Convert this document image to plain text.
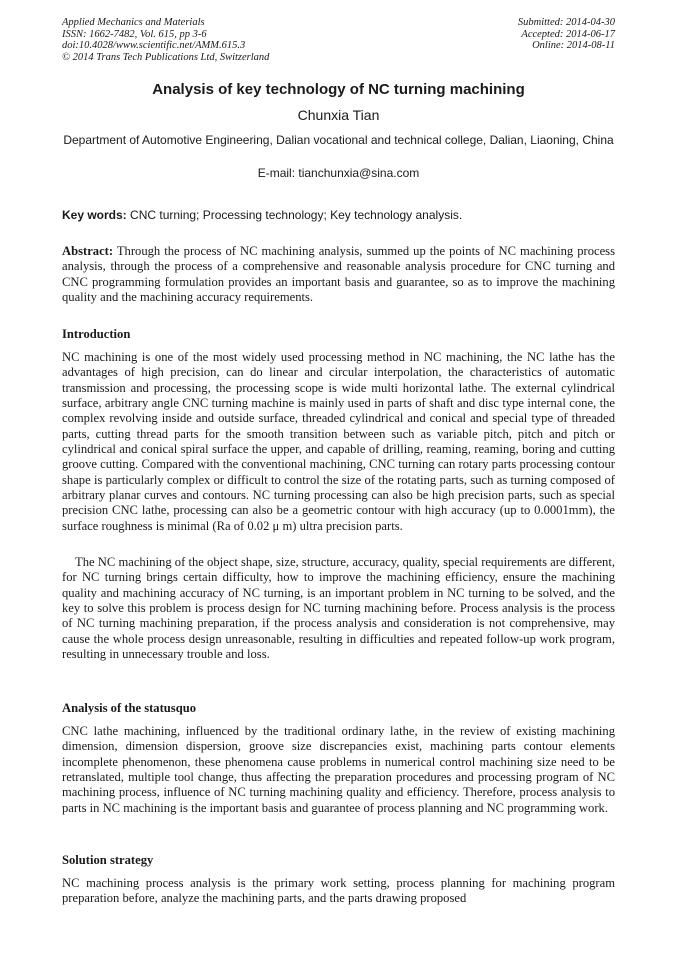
Applied Mechanics and Materials
ISSN: 1662-7482, Vol. 615, pp 3-6
doi:10.4028/www.scientific.net/AMM.615.3
© 2014 Trans Tech Publications Ltd, Switzerland
Submitted: 2014-04-30
Accepted: 2014-06-17
Online: 2014-08-11
Analysis of key technology of NC turning machining
Chunxia Tian
Department of Automotive Engineering, Dalian vocational and technical college, Dalian, Liaoning, China
E-mail: tianchunxia@sina.com
Key words: CNC turning; Processing technology; Key technology analysis.
Abstract: Through the process of NC machining analysis, summed up the points of NC machining process analysis, through the process of a comprehensive and reasonable analysis procedure for CNC turning and CNC programming formulation provides an important basis and guarantee, so as to improve the machining quality and the machining accuracy requirements.
Introduction
NC machining is one of the most widely used processing method in NC machining, the NC lathe has the advantages of high precision, can do linear and circular interpolation, the characteristics of automatic transmission and processing, the processing scope is wide multi horizontal lathe. The external cylindrical surface, arbitrary angle CNC turning machine is mainly used in parts of shaft and disc type internal cone, the complex revolving inside and outside surface, threaded cylindrical and conical and special type of threaded parts, cutting thread parts for the smooth transition between such as variable pitch, pitch and pitch or cylindrical and conical spiral surface the upper, and capable of drilling, reaming, reaming, boring and cutting groove cutting. Compared with the conventional machining, CNC turning can rotary parts processing contour shape is particularly complex or difficult to control the size of the rotating parts, such as turning composed of arbitrary planar curves and contours. NC turning processing can also be high precision parts, such as special precision CNC lathe, processing can also be a geometric contour with high accuracy (up to 0.0001mm), the surface roughness is minimal (Ra of 0.02 μ m) ultra precision parts.
The NC machining of the object shape, size, structure, accuracy, quality, special requirements are different, for NC turning brings certain difficulty, how to improve the machining efficiency, ensure the machining quality and machining accuracy of NC turning, is an important problem in NC turning to be solved, and the key to solve this problem is process design for NC turning machining before. Process analysis is the process of NC turning machining preparation, if the process analysis and consideration is not comprehensive, may cause the whole process design unreasonable, resulting in difficulties and repeated follow-up work program, resulting in unnecessary trouble and loss.
Analysis of the statusquo
CNC lathe machining, influenced by the traditional ordinary lathe, in the review of existing machining dimension, dimension dispersion, groove size discrepancies exist, machining parts contour elements incomplete phenomenon, these phenomena cause problems in numerical control machining size need to be retranslated, multiple tool change, thus affecting the preparation procedures and processing program of NC machining process, influence of NC turning machining quality and efficiency. Therefore, process analysis to parts in NC machining is the important basis and guarantee of process planning and NC programming work.
Solution strategy
NC machining process analysis is the primary work setting, process planning for machining program preparation before, analyze the machining parts, and the parts drawing proposed
